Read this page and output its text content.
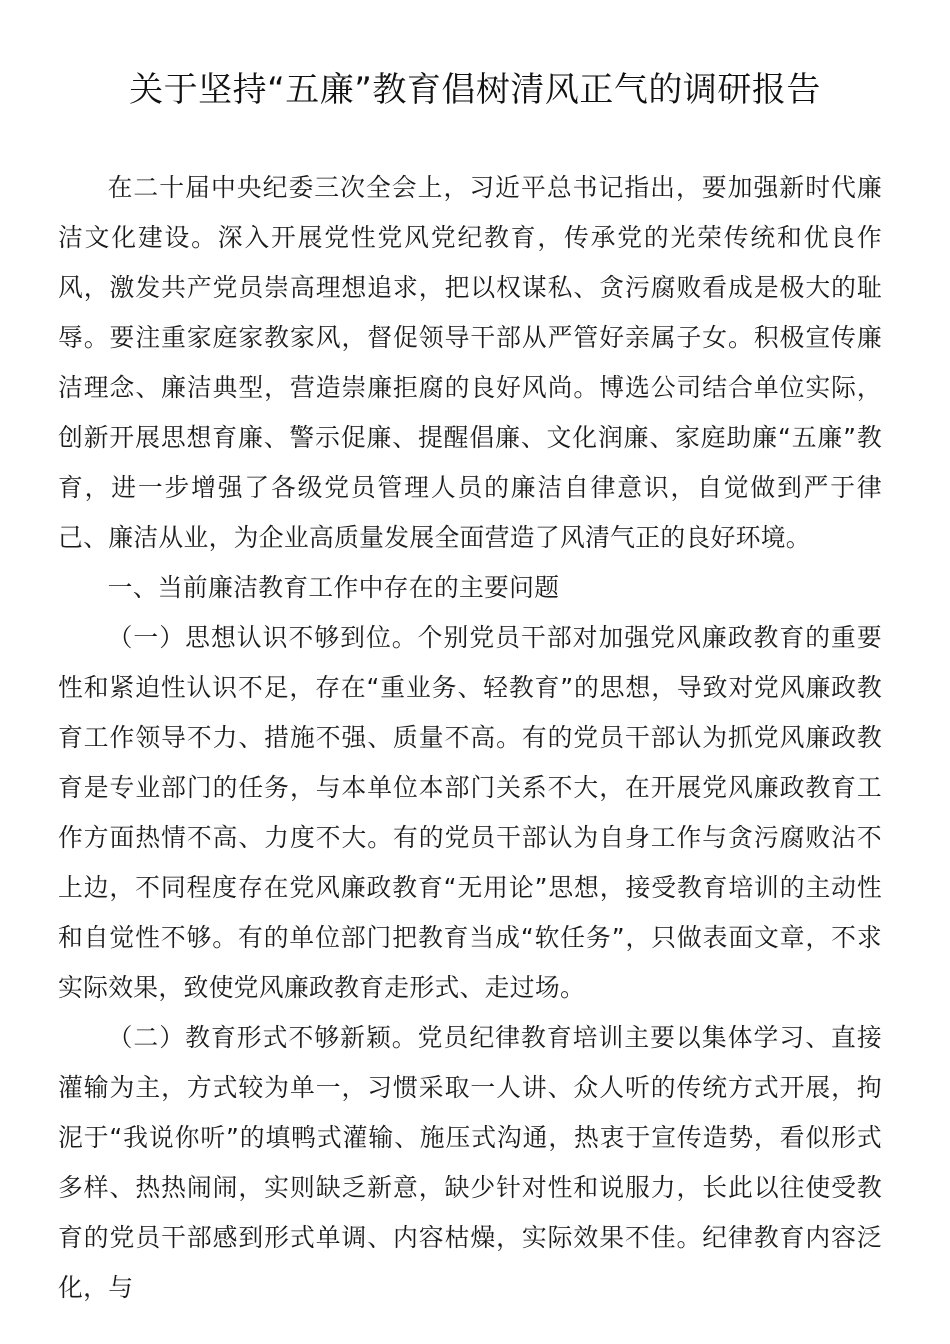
关于坚持“五廉”教育倡树清风正气的调研报告

在二十届中央纪委三次全会上，习近平总书记指出，要加强新时代廉洁文化建设。深入开展党性党风党纪教育，传承党的光荣传统和优良作风，激发共产党员崇高理想追求，把以权谋私、贪污腐败看成是极大的耻辱。要注重家庭家教家风，督促领导干部从严管好亲属子女。积极宣传廉洁理念、廉洁典型，营造崇廉拒腐的良好风尚。博选公司结合单位实际，创新开展思想育廉、警示促廉、提醒倡廉、文化润廉、家庭助廉“五廉”教育，进一步增强了各级党员管理人员的廉洁自律意识，自觉做到严于律己、廉洁从业，为企业高质量发展全面营造了风清气正的良好环境。

一、当前廉洁教育工作中存在的主要问题

（一）思想认识不够到位。个别党员干部对加强党风廉政教育的重要性和紧迫性认识不足，存在“重业务、轻教育”的思想，导致对党风廉政教育工作领导不力、措施不强、质量不高。有的党员干部认为抓党风廉政教育是专业部门的任务，与本单位本部门关系不大，在开展党风廉政教育工作方面热情不高、力度不大。有的党员干部认为自身工作与贪污腐败沾不上边，不同程度存在党风廉政教育“无用论”思想，接受教育培训的主动性和自觉性不够。有的单位部门把教育当成“软任务”，只做表面文章，不求实际效果，致使党风廉政教育走形式、走过场。

（二）教育形式不够新颖。党员纪律教育培训主要以集体学习、直接灌输为主，方式较为单一，习惯采取一人讲、众人听的传统方式开展，拘泥于“我说你听”的填鸭式灌输、施压式沟通，热衷于宣传造势，看似形式多样、热热闹闹，实则缺乏新意，缺少针对性和说服力，长此以往使受教育的党员干部感到形式单调、内容枯燥，实际效果不佳。纪律教育内容泛化，与
